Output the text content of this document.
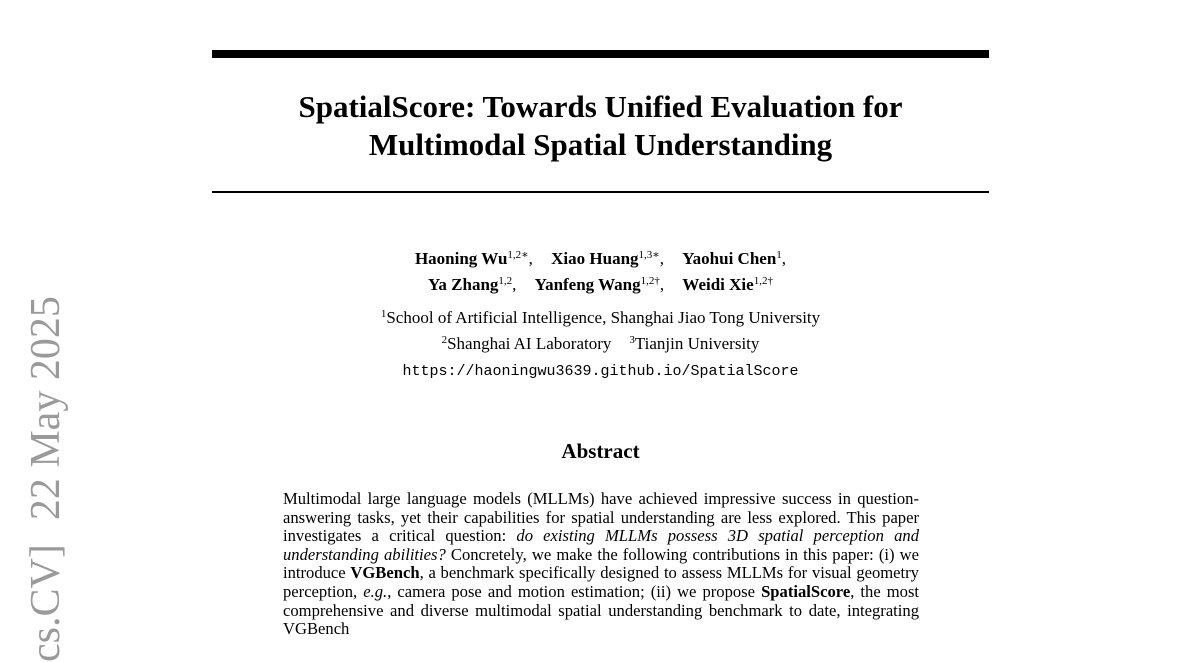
cs.CV]22 May 2025
SpatialScore: Towards Unified Evaluation for
Multimodal Spatial Understanding
Haoning $Wu^{1,2∗}$, Xiao Huang$^{1,3∗}$, Yaohui Chen$^1$,
Ya Zhang$^{1,2}$, Yanfeng Wang$^{1,2\dagger}$, Weidi Xie$^{1,2\dagger}$
$^1$School of Artificial Intelligence, Shanghai Jiao Tong University
$^2$Shanghai AI Laboratory $^3$Tianjin University
https://haoningwu3639.github.io/SpatialScore
Abstract
Multimodal large language models (MLLMs) have achieved impressive success in question-answering tasks, yet their capabilities for spatial understanding are less explored. This paper investigates a critical question: do existing MLLMs possess 3D spatial perception and understanding abilities? Concretely, we make the following contributions in this paper: (i) we introduce VGBench, a benchmark specifically designed to assess MLLMs for visual geometry perception, e.g., camera pose and motion estimation; (ii) we propose SpatialScore, the most comprehensive and diverse multimodal spatial understanding benchmark to date, integrating VGBench
